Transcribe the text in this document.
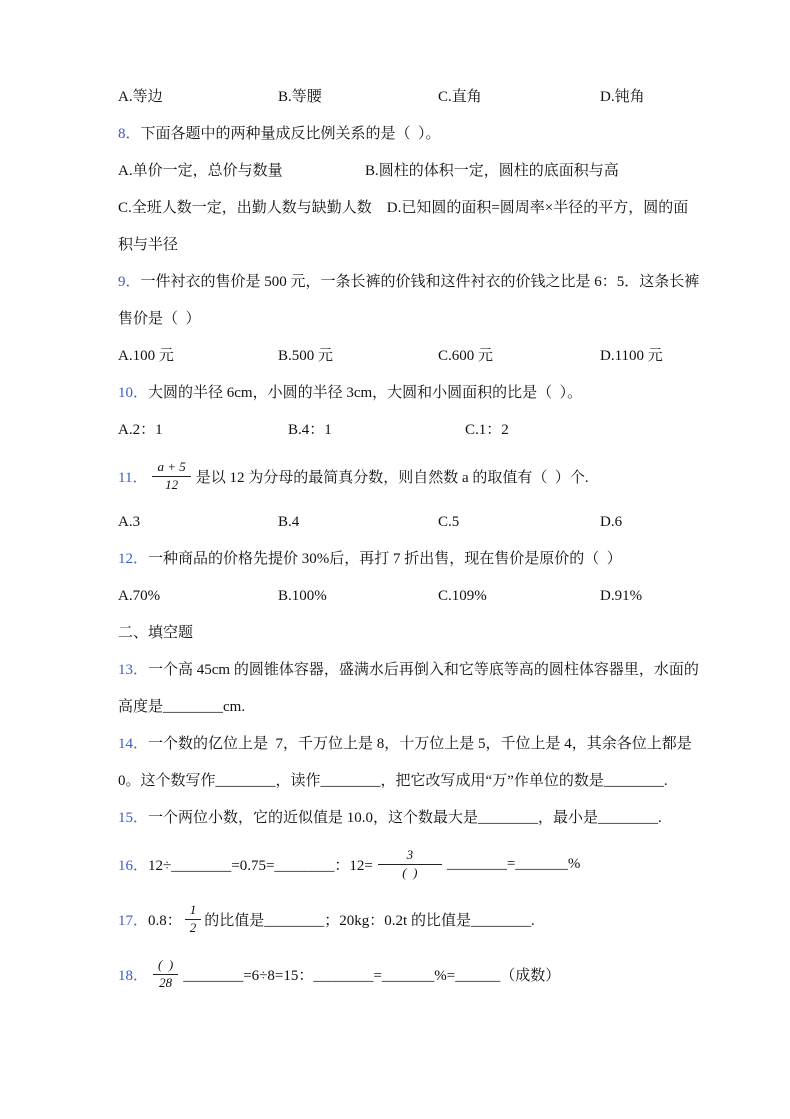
A.等边	B.等腰	C.直角	D.钝角
8．下面各题中的两种量成反比例关系的是（  ）。
A.单价一定，总价与数量	B.圆柱的体积一定，圆柱的底面积与高
C.全班人数一定，出勤人数与缺勤人数    D.已知圆的面积=圆周率×半径的平方，圆的面
积与半径
9．一件衬衣的售价是 500 元，一条长裤的价钱和这件衬衣的价钱之比是 6：5．这条长裤
售价是（  ）
A.100 元	B.500 元	C.600 元	D.1100 元
10．大圆的半径 6cm，小圆的半径 3cm，大圆和小圆面积的比是（  ）。
A.2：1	B.4：1	C.1：2
11． $\frac{a + 5}{12}$ 是以 12 为分母的最简真分数，则自然数 a 的取值有（  ）个.
A.3	B.4	C.5	D.6
12．一种商品的价格先提价 30%后，再打 7 折出售，现在售价是原价的（  ）
A.70%	B.100%	C.109%	D.91%
二、填空题
13．一个高 45cm 的圆锥体容器，盛满水后再倒入和它等底等高的圆柱体容器里，水面的
高度是________cm.
14．一个数的亿位上是  7，千万位上是 8，十万位上是 5，千位上是 4，其余各位上都是
0。这个数写作________，读作________，把它改写成用“万”作单位的数是________.
15．一个两位小数，它的近似值是 10.0，这个数最大是________，最小是________.
16． 12÷________=0.75=________：$12= \frac{3}{( )}$ ________=_______%
17． 0.8： $\frac{1}{2}$ 的比值是________；20kg：0.2t 的比值是________.
18． $\frac{( )}{28}$ ________=6÷8=15：________=_______%=______（成数）
